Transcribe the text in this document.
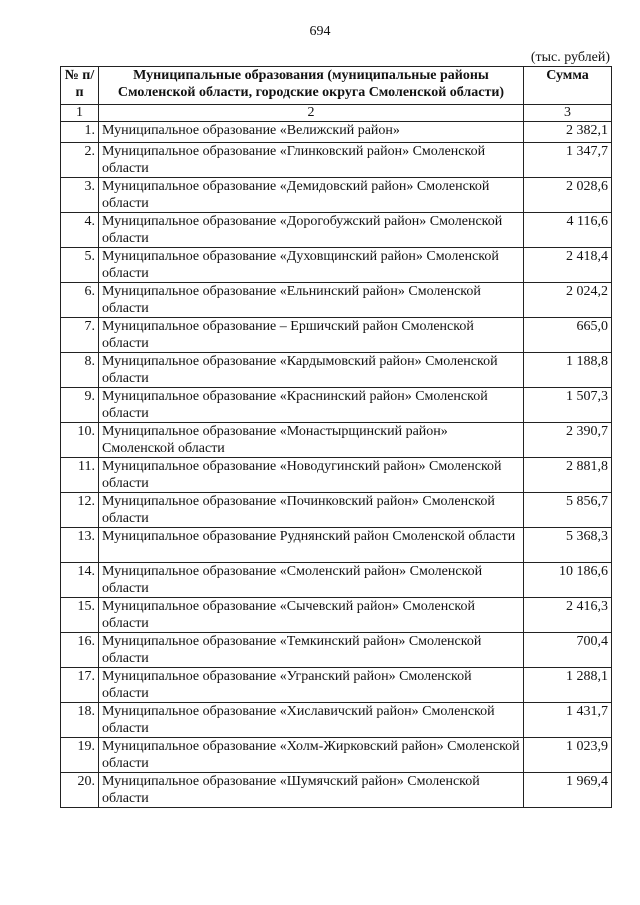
694
(тыс. рублей)
№ п/п	Муниципальные образования (муниципальные районы Смоленской области, городские округа Смоленской области)	Сумма
1	2	3
1.	Муниципальное образование «Велижский район»	2 382,1
2.	Муниципальное образование «Глинковский район» Смоленской области	1 347,7
3.	Муниципальное образование «Демидовский район» Смоленской области	2 028,6
4.	Муниципальное образование «Дорогобужский район» Смоленской области	4 116,6
5.	Муниципальное образование «Духовщинский район» Смоленской области	2 418,4
6.	Муниципальное образование «Ельнинский район» Смоленской области	2 024,2
7.	Муниципальное образование – Ершичский район Смоленской области	665,0
8.	Муниципальное образование «Кардымовский район» Смоленской области	1 188,8
9.	Муниципальное образование «Краснинский район» Смоленской области	1 507,3
10.	Муниципальное образование «Монастырщинский район» Смоленской области	2 390,7
11.	Муниципальное образование «Новодугинский район» Смоленской области	2 881,8
12.	Муниципальное образование «Починковский район» Смоленской области	5 856,7
13.	Муниципальное образование Руднянский район Смоленской области	5 368,3
14.	Муниципальное образование «Смоленский район» Смоленской области	10 186,6
15.	Муниципальное образование «Сычевский район» Смоленской области	2 416,3
16.	Муниципальное образование «Темкинский район» Смоленской области	700,4
17.	Муниципальное образование «Угранский район» Смоленской области	1 288,1
18.	Муниципальное образование «Хиславичский район» Смоленской области	1 431,7
19.	Муниципальное образование «Холм-Жирковский район» Смоленской области	1 023,9
20.	Муниципальное образование «Шумячский район» Смоленской области	1 969,4
